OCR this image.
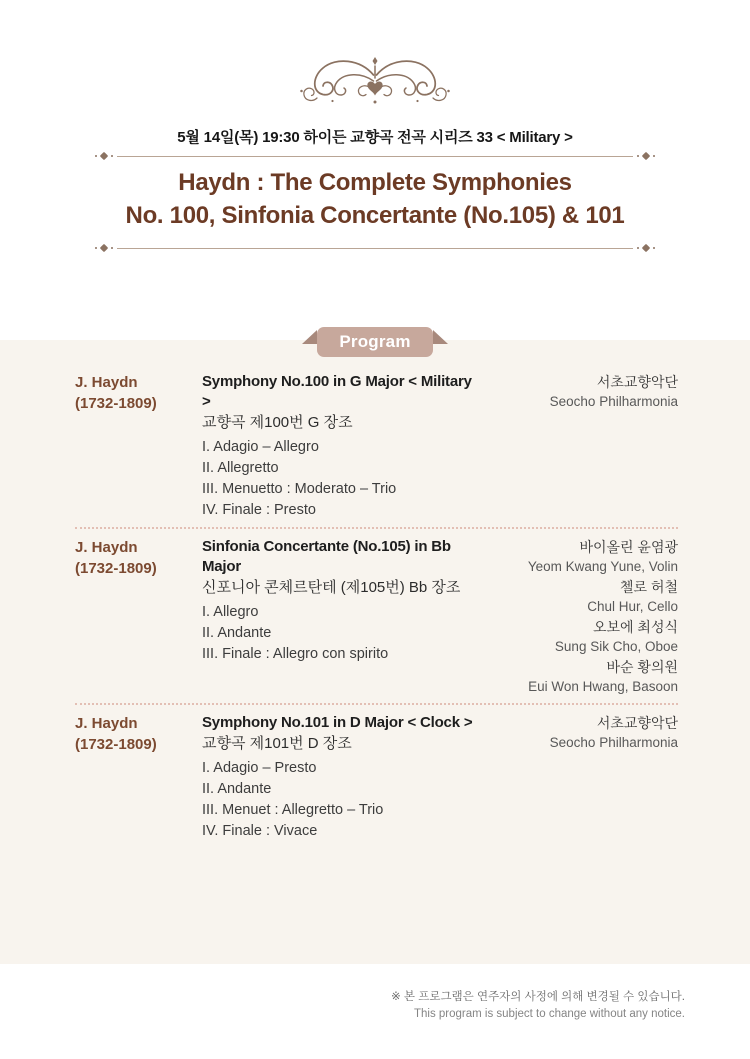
5월 14일(목) 19:30 하이든 교향곡 전곡 시리즈 33 < Military >
Haydn : The Complete Symphonies
No. 100, Sinfonia Concertante (No.105) & 101
J. Haydn
(1732-1809)
Symphony No.100 in G Major < Military >
교향곡 제100번 G 장조
I. Adagio – Allegro
II. Allegretto
III. Menuetto : Moderato – Trio
IV. Finale : Presto
서초교향악단
Seocho Philharmonia
J. Haydn
(1732-1809)
Sinfonia Concertante (No.105) in Bb Major
신포니아 콘체르탄테 (제105번) Bb 장조
I. Allegro
II. Andante
III. Finale : Allegro con spirito
바이올린 윤염광
Yeom Kwang Yune, Volin
첼로 허철
Chul Hur, Cello
오보에 최성식
Sung Sik Cho, Oboe
바순 황의원
Eui Won Hwang, Basoon
J. Haydn
(1732-1809)
Symphony No.101 in D Major < Clock >
교향곡 제101번 D 장조
I. Adagio – Presto
II. Andante
III. Menuet : Allegretto – Trio
IV. Finale : Vivace
서초교향악단
Seocho Philharmonia
Program
※ 본 프로그램은 연주자의 사정에 의해 변경될 수 있습니다.
This program is subject to change without any notice.
